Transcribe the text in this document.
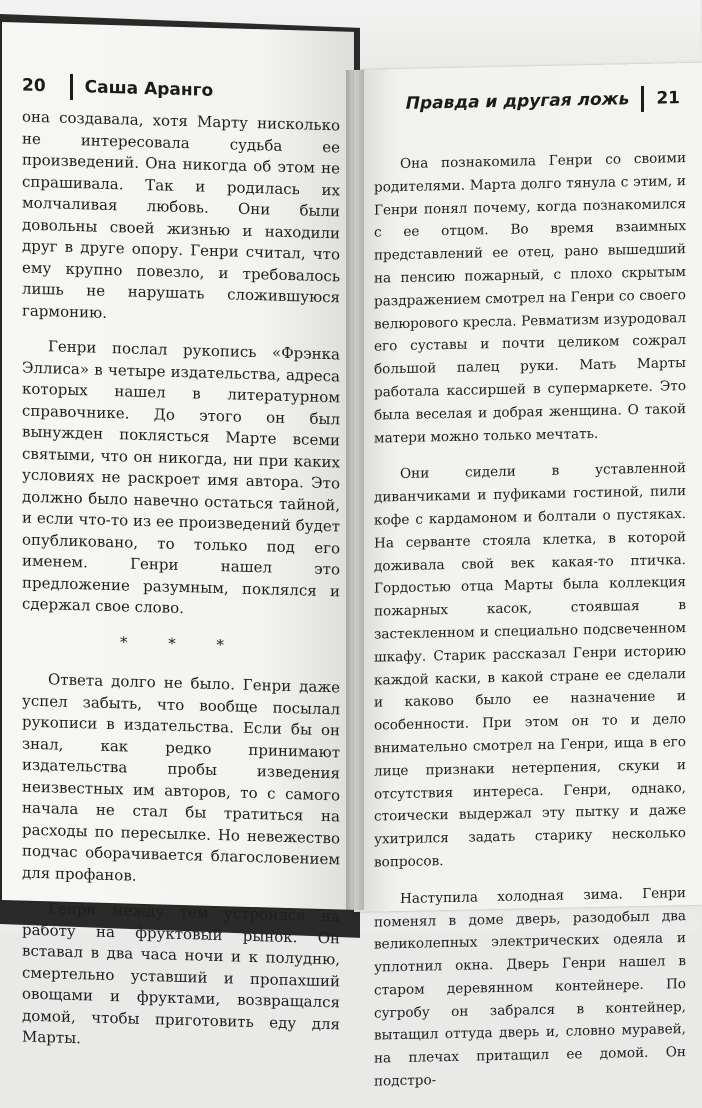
20 Саша Аранго

она создавала, хотя Марту нисколько не интересовала судьба ее произведений. Она никогда об этом не спрашивала. Так и родилась их молчаливая любовь. Они были довольны своей жизнью и находили друг в друге опору. Генри считал, что ему крупно повезло, и требовалось лишь не нарушать сложившуюся гармонию.

Генри послал рукопись «Фрэнка Эллиса» в четыре издательства, адреса которых нашел в литературном справочнике. До этого он был вынужден поклясться Марте всеми святыми, что он никогда, ни при каких условиях не раскроет имя автора. Это должно было навечно остаться тайной, и если что-то из ее произведений будет опубликовано, то только под его именем. Генри нашел это предложение разумным, поклялся и сдержал свое слово.

* * *

Ответа долго не было. Генри даже успел забыть, что вообще посылал рукописи в издательства. Если бы он знал, как редко принимают издательства пробы изведения неизвестных им авторов, то с самого начала не стал бы тратиться на расходы по пересылке. Но невежество подчас оборачивается благословением для профанов.

Генри между тем устроился на работу на фруктовый рынок. Он вставал в два часа ночи и к полудню, смертельно уставший и пропахший овощами и фруктами, возвращался домой, чтобы приготовить еду для Марты.

Правда и другая ложь 21

Она познакомила Генри со своими родителями. Марта долго тянула с этим, и Генри понял почему, когда познакомился с ее отцом. Во время взаимных представлений ее отец, рано вышедший на пенсию пожарный, с плохо скрытым раздражением смотрел на Генри со своего велюрового кресла. Ревматизм изуродовал его суставы и почти целиком сожрал большой палец руки. Мать Марты работала кассиршей в супермаркете. Это была веселая и добрая женщина. О такой матери можно только мечтать.

Они сидели в уставленной диванчиками и пуфиками гостиной, пили кофе с кардамоном и болтали о пустяках. На серванте стояла клетка, в которой доживала свой век какая-то птичка. Гордостью отца Марты была коллекция пожарных касок, стоявшая в застекленном и специально подсвеченном шкафу. Старик рассказал Генри историю каждой каски, в какой стране ее сделали и каково было ее назначение и особенности. При этом он то и дело внимательно смотрел на Генри, ища в его лице признаки нетерпения, скуки и отсутствия интереса. Генри, однако, стоически выдержал эту пытку и даже ухитрился задать старику несколько вопросов.

Наступила холодная зима. Генри поменял в доме дверь, разодобыл два великолепных электрических одеяла и уплотнил окна. Дверь Генри нашел в старом деревянном контейнере. По сугробу он забрался в контейнер, вытащил оттуда дверь и, словно муравей, на плечах притащил ее домой. Он подстро-
